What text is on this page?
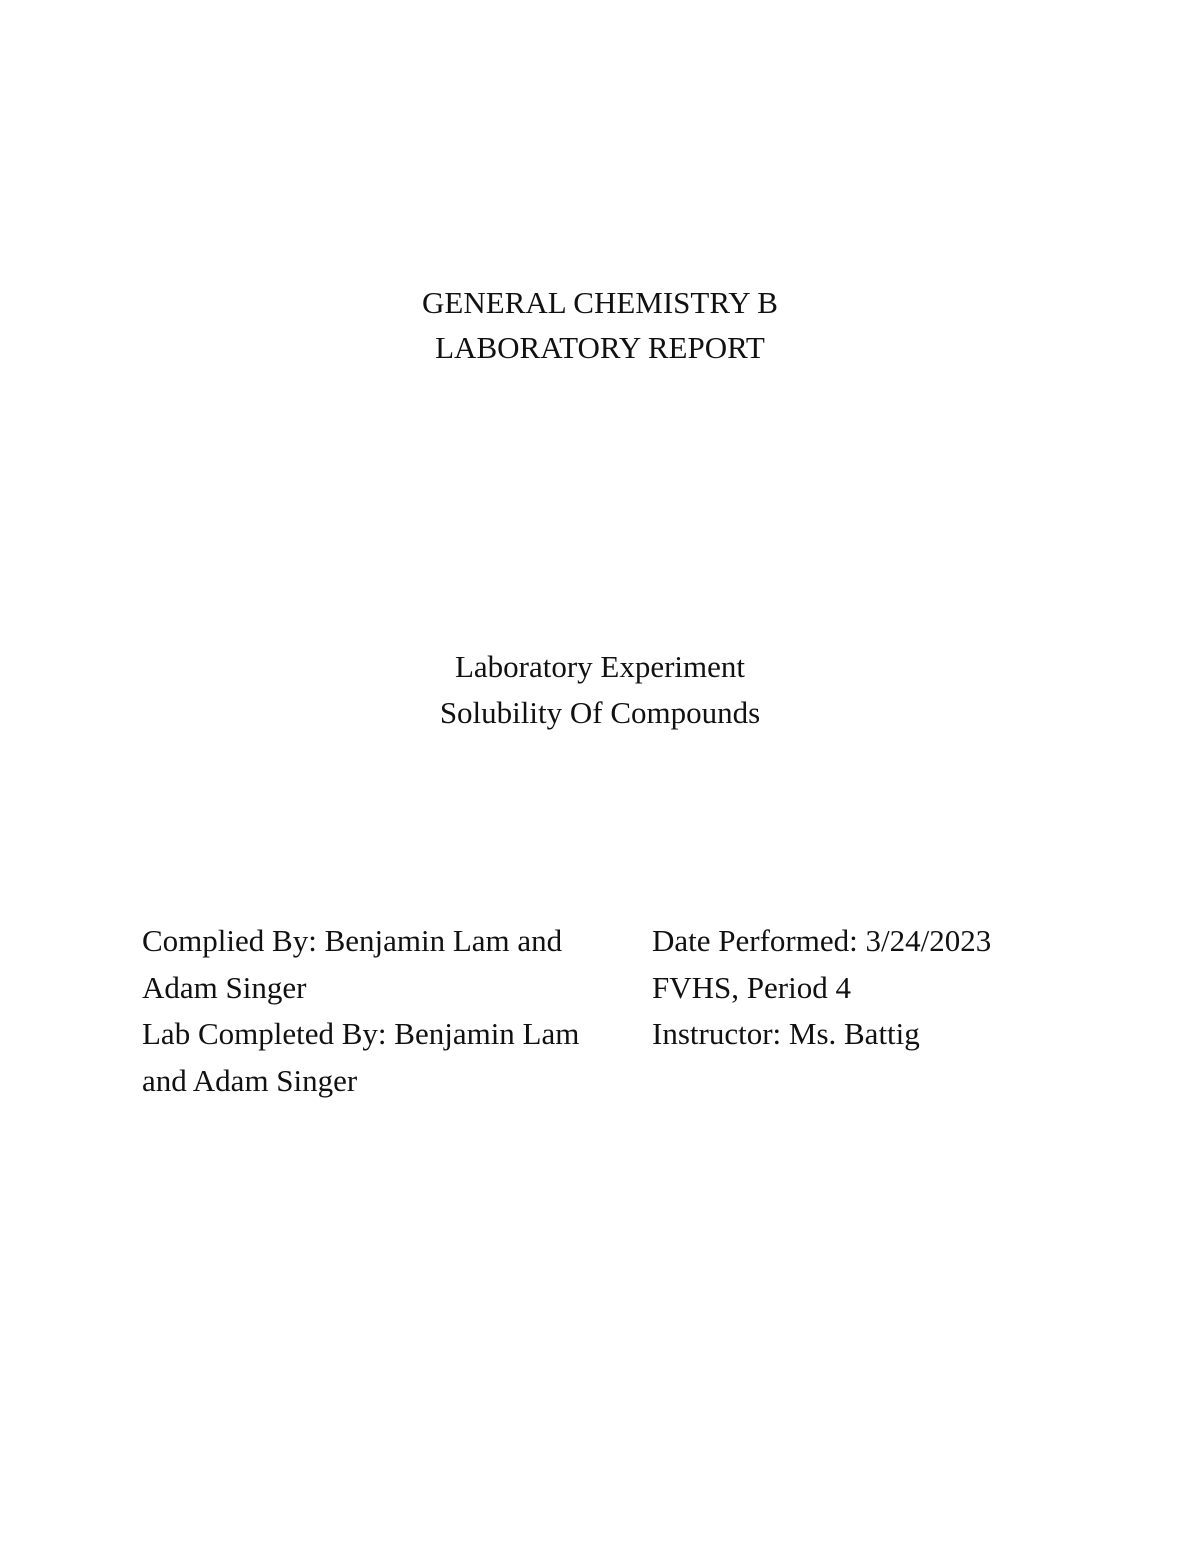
GENERAL CHEMISTRY B
LABORATORY REPORT
Laboratory Experiment
Solubility Of Compounds
Complied By: Benjamin Lam and
Adam Singer
Lab Completed By: Benjamin Lam
and Adam Singer
Date Performed: 3/24/2023
FVHS, Period 4
Instructor: Ms. Battig
